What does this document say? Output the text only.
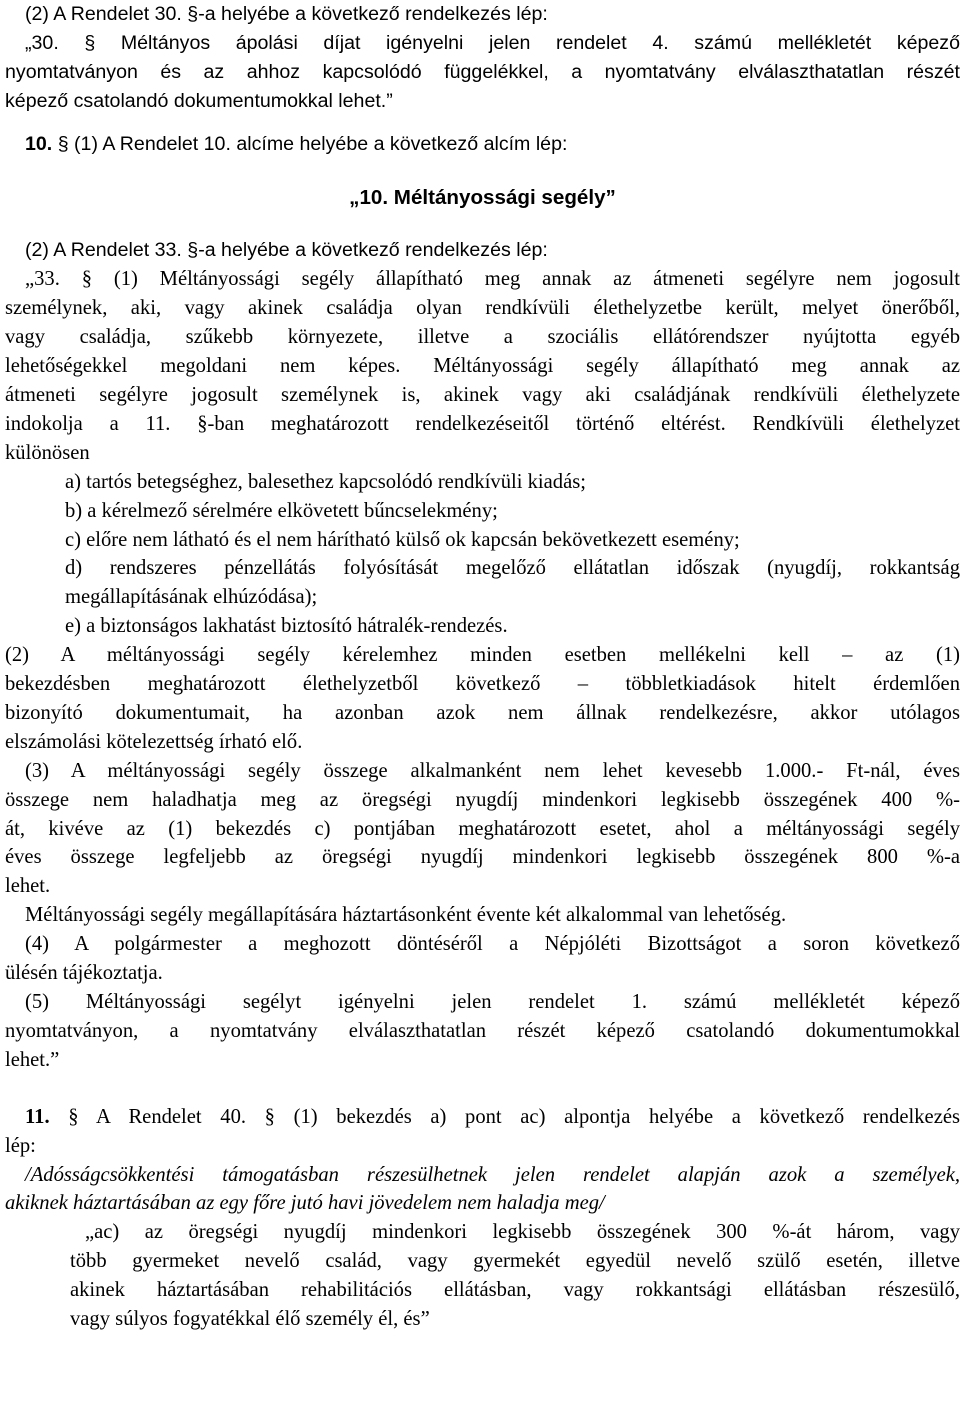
(2) A Rendelet 30. §-a helyébe a következő rendelkezés lép:
„30. § Méltányos ápolási díjat igényelni jelen rendelet 4. számú mellékletét képező
nyomtatványon és az ahhoz kapcsolódó függelékkel, a nyomtatvány elválaszthatatlan részét
képező csatolandó dokumentumokkal lehet.”
10. § (1) A Rendelet 10. alcíme helyébe a következő alcím lép:
„10. Méltányossági segély”
(2) A Rendelet 33. §-a helyébe a következő rendelkezés lép:
„33. § (1) Méltányossági segély állapítható meg annak az átmeneti segélyre nem jogosult
személynek, aki, vagy akinek családja olyan rendkívüli élethelyzetbe került, melyet önerőből,
vagy családja, szűkebb környezete, illetve a szociális ellátórendszer nyújtotta egyéb
lehetőségekkel megoldani nem képes. Méltányossági segély állapítható meg annak az
átmeneti segélyre jogosult személynek is, akinek vagy aki családjának rendkívüli élethelyzete
indokolja a 11. §-ban meghatározott rendelkezéseitől történő eltérést. Rendkívüli élethelyzet
különösen
a) tartós betegséghez, balesethez kapcsolódó rendkívüli kiadás;
b) a kérelmező sérelmére elkövetett bűncselekmény;
c) előre nem látható és el nem hárítható külső ok kapcsán bekövetkezett esemény;
d) rendszeres pénzellátás folyósítását megelőző ellátatlan időszak (nyugdíj, rokkantság
megállapításának elhúzódása);
e) a biztonságos lakhatást biztosító hátralék-rendezés.
(2) A méltányossági segély kérelemhez minden esetben mellékelni kell – az (1)
bekezdésben meghatározott élethelyzetből következő – többletkiadások hitelt érdemlően
bizonyító dokumentumait, ha azonban azok nem állnak rendelkezésre, akkor utólagos
elszámolási kötelezettség írható elő.
(3) A méltányossági segély összege alkalmanként nem lehet kevesebb 1.000.- Ft-nál, éves
összege nem haladhatja meg az öregségi nyugdíj mindenkori legkisebb összegének 400 %-
át, kivéve az (1) bekezdés c) pontjában meghatározott esetet, ahol a méltányossági segély
éves összege legfeljebb az öregségi nyugdíj mindenkori legkisebb összegének 800 %-a
lehet.
Méltányossági segély megállapítására háztartásonként évente két alkalommal van lehetőség.
(4) A polgármester a meghozott döntéséről a Népjóléti Bizottságot a soron következő
ülésén tájékoztatja.
(5) Méltányossági segélyt igényelni jelen rendelet 1. számú mellékletét képező
nyomtatványon, a nyomtatvány elválaszthatatlan részét képező csatolandó dokumentumokkal
lehet.”
11. § A Rendelet 40. § (1) bekezdés a) pont ac) alpontja helyébe a következő rendelkezés
lép:
/Adósságcsökkentési támogatásban részesülhetnek jelen rendelet alapján azok a személyek,
akiknek háztartásában az egy főre jutó havi jövedelem nem haladja meg/
„ac) az öregségi nyugdíj mindenkori legkisebb összegének 300 %-át három, vagy
több gyermeket nevelő család, vagy gyermekét egyedül nevelő szülő esetén, illetve
akinek háztartásában rehabilitációs ellátásban, vagy rokkantsági ellátásban részesülő,
vagy súlyos fogyatékkal élő személy él, és”
